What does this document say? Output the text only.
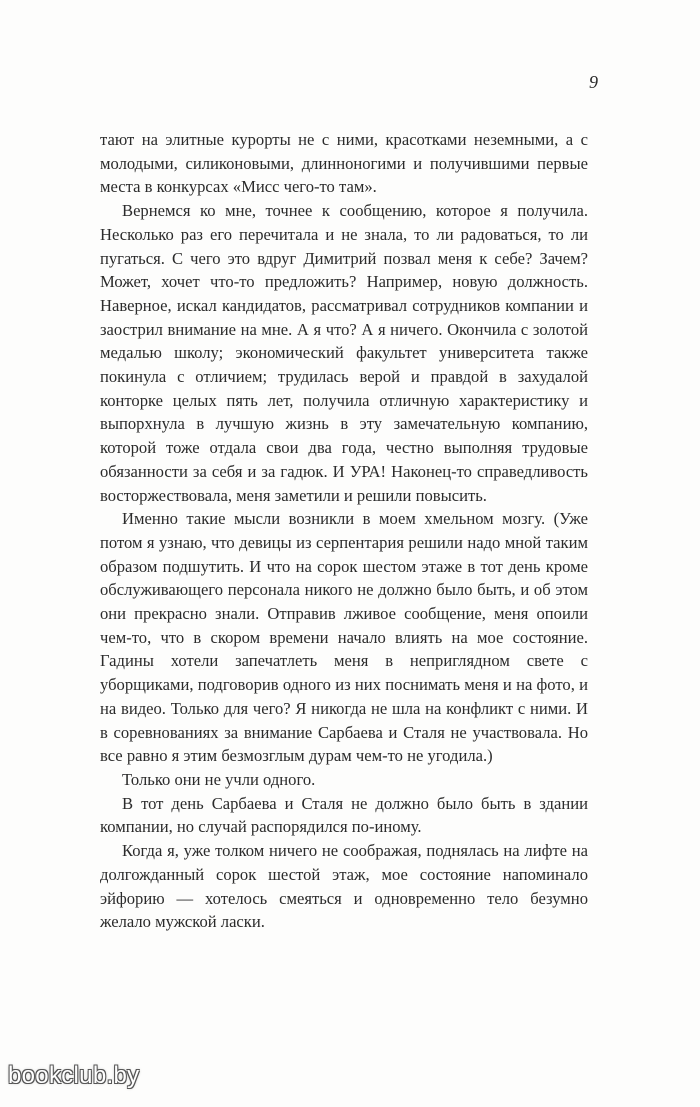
9

тают на элитные курорты не с ними, красотками неземными, а с молодыми, силиконовыми, длинноногими и получившими первые места в конкурсах «Мисс чего-то там».

Вернемся ко мне, точнее к сообщению, которое я получила. Несколько раз его перечитала и не знала, то ли радоваться, то ли пугаться. С чего это вдруг Димитрий позвал меня к себе? Зачем? Может, хочет что-то предложить? Например, новую должность. Наверное, искал кандидатов, рассматривал сотрудников компании и заострил внимание на мне. А я что? А я ничего. Окончила с золотой медалью школу; экономический факультет университета также покинула с отличием; трудилась верой и правдой в захудалой конторке целых пять лет, получила отличную характеристику и выпорхнула в лучшую жизнь в эту замечательную компанию, которой тоже отдала свои два года, честно выполняя трудовые обязанности за себя и за гадюк. И УРА! Наконец-то справедливость восторжествовала, меня заметили и решили повысить.

Именно такие мысли возникли в моем хмельном мозгу. (Уже потом я узнаю, что девицы из серпентария решили надо мной таким образом подшутить. И что на сорок шестом этаже в тот день кроме обслуживающего персонала никого не должно было быть, и об этом они прекрасно знали. Отправив лживое сообщение, меня опоили чем-то, что в скором времени начало влиять на мое состояние. Гадины хотели запечатлеть меня в неприглядном свете с уборщиками, подговорив одного из них поснимать меня и на фото, и на видео. Только для чего? Я никогда не шла на конфликт с ними. И в соревнованиях за внимание Сарбаева и Сталя не участвовала. Но все равно я этим безмозглым дурам чем-то не угодила.)

Только они не учли одного.

В тот день Сарбаева и Сталя не должно было быть в здании компании, но случай распорядился по-иному.

Когда я, уже толком ничего не соображая, поднялась на лифте на долгожданный сорок шестой этаж, мое состояние напоминало эйфорию — хотелось смеяться и одновременно тело безумно желало мужской ласки.

bookclub.by
